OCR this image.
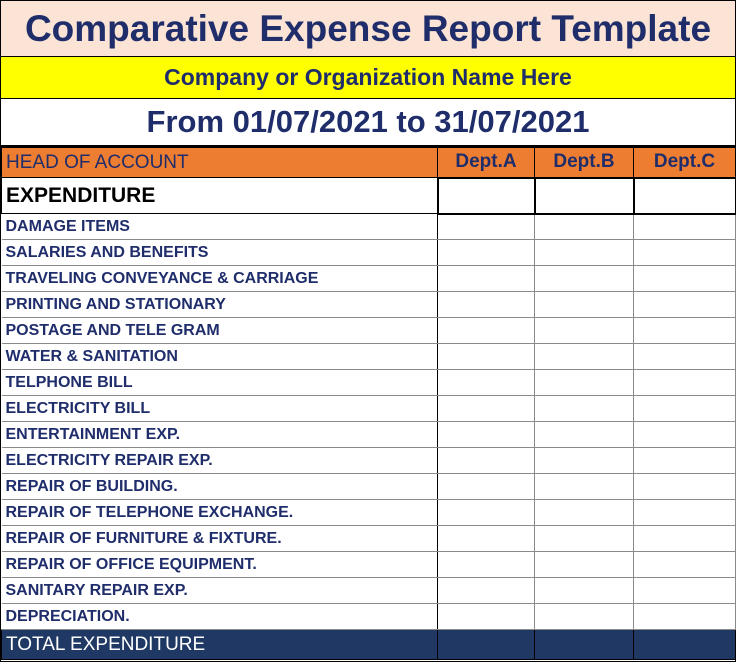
Comparative Expense Report Template
Company or Organization Name Here
From 01/07/2021 to 31/07/2021
HEAD OF ACCOUNT	Dept.A	Dept.B	Dept.C
EXPENDITURE			
DAMAGE ITEMS			
SALARIES AND BENEFITS			
TRAVELING CONVEYANCE & CARRIAGE			
PRINTING AND STATIONARY			
POSTAGE AND TELE GRAM			
WATER & SANITATION			
TELPHONE BILL			
ELECTRICITY BILL			
ENTERTAINMENT EXP.			
ELECTRICITY REPAIR EXP.			
REPAIR OF BUILDING.			
REPAIR OF TELEPHONE EXCHANGE.			
REPAIR OF FURNITURE & FIXTURE.			
REPAIR OF OFFICE EQUIPMENT.			
SANITARY REPAIR EXP.			
DEPRECIATION.			
TOTAL EXPENDITURE			
